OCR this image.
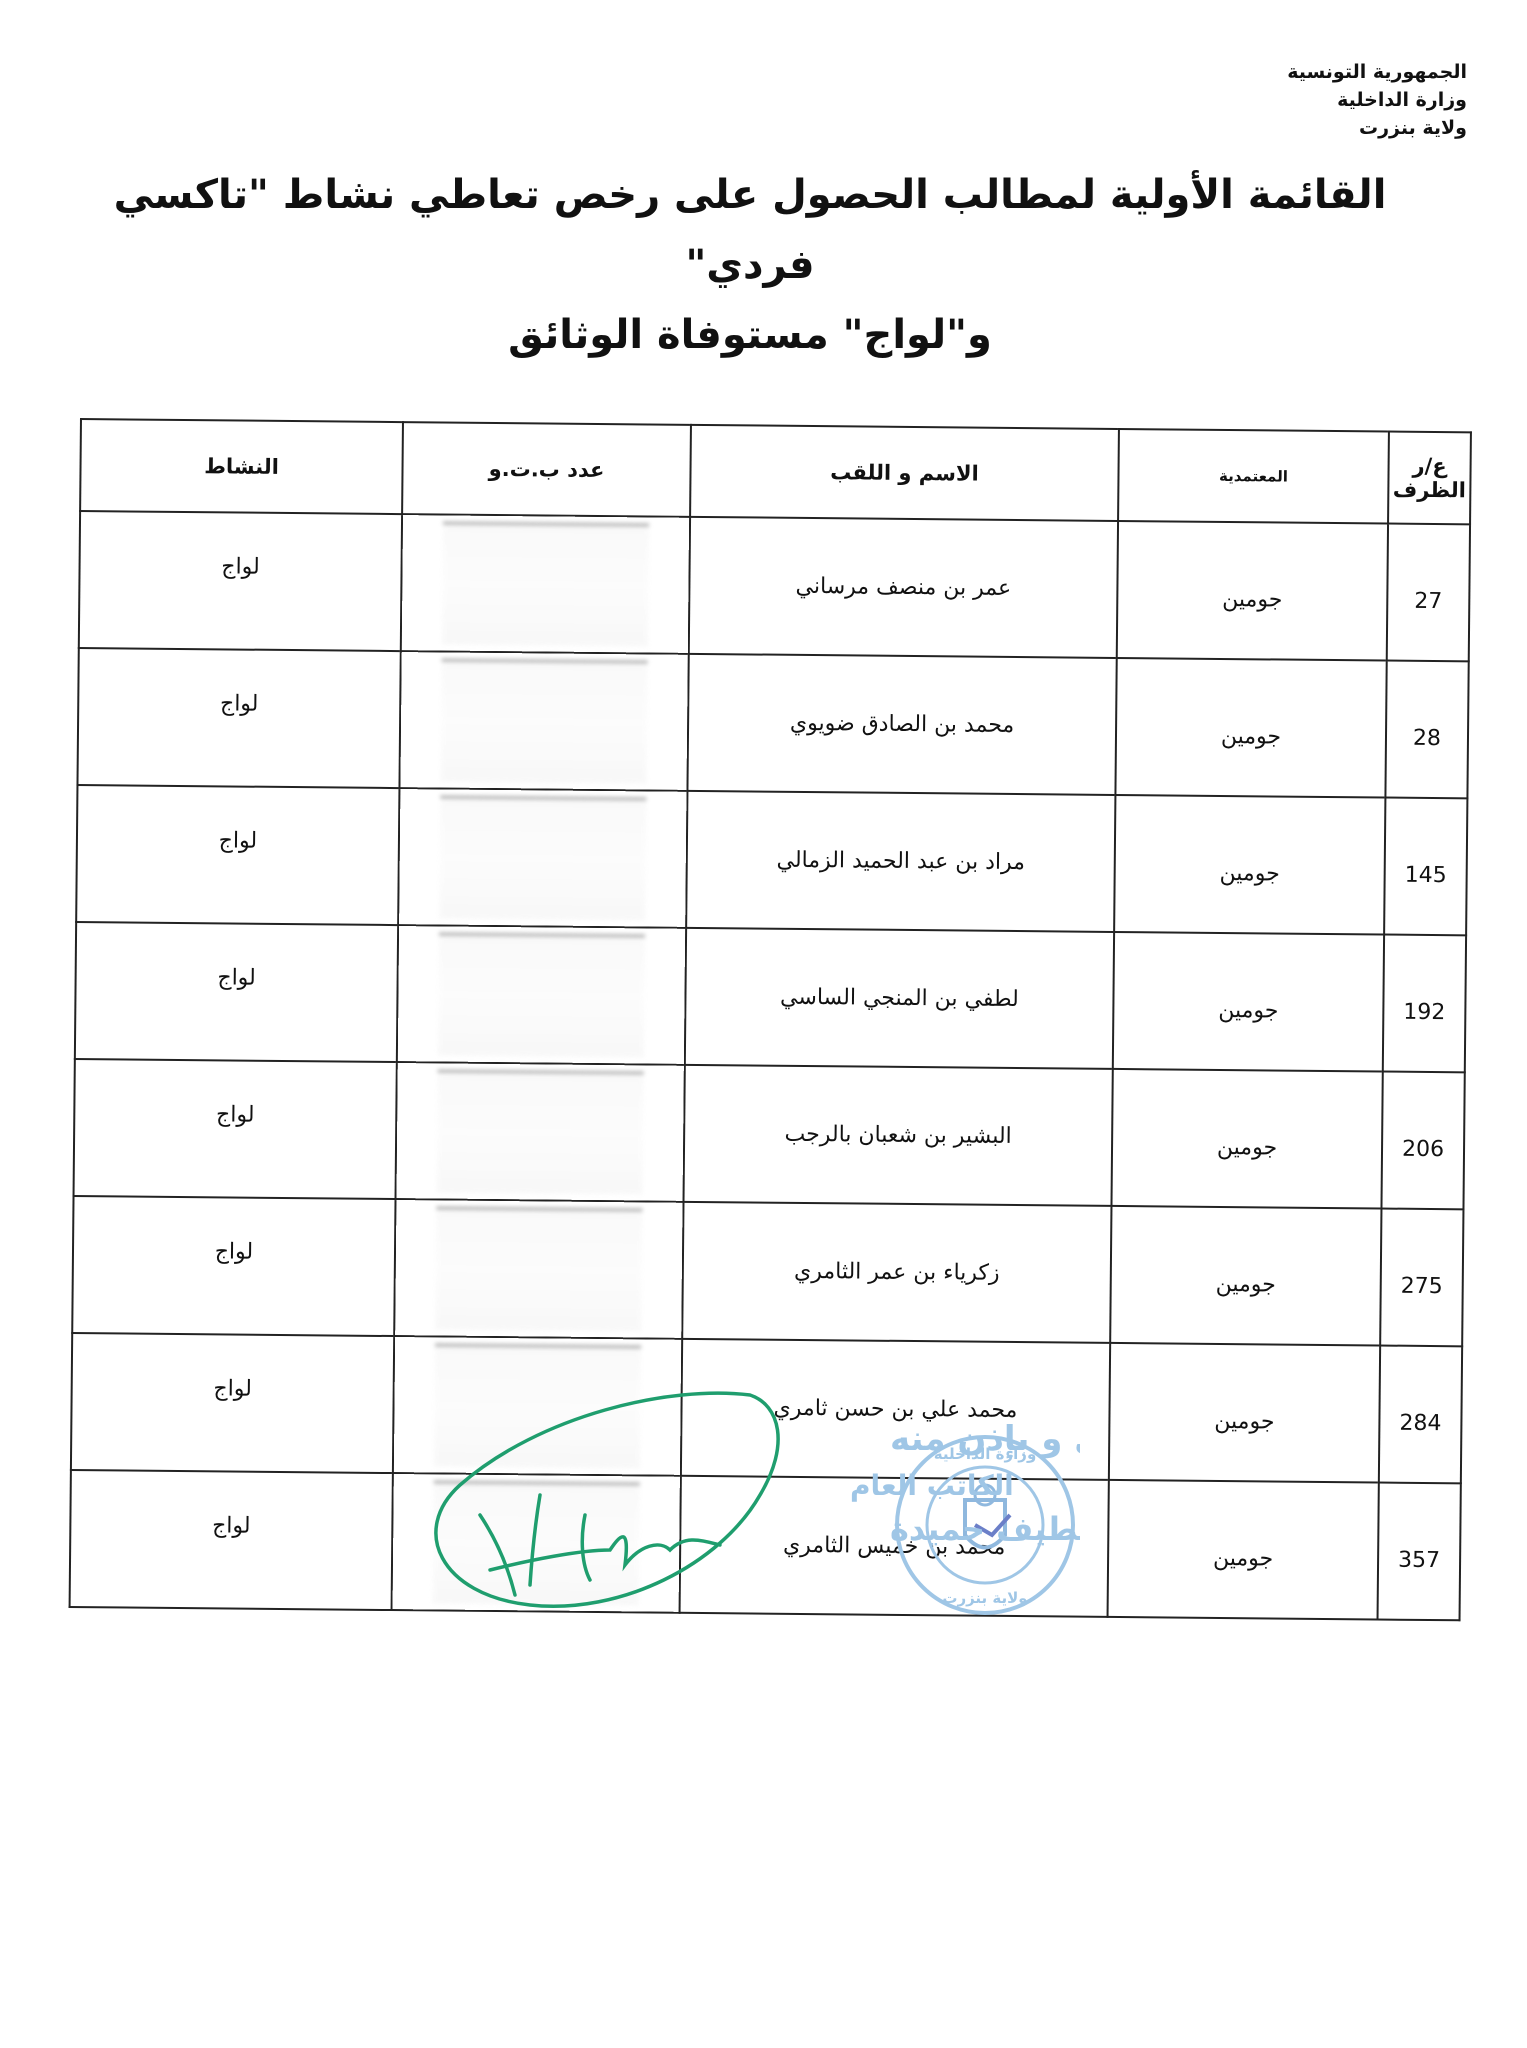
الجمهورية التونسية
وزارة الداخلية
ولاية بنزرت
القائمة الأولية لمطالب الحصول على رخص تعاطي نشاط "تاكسي فردي"
و"لواج" مستوفاة الوثائق
ع/ر الظرف	المعتمدية	الاسم و اللقب	عدد ب.ت.و	النشاط
27	جومين	عمر بن منصف مرساني		لواج
28	جومين	محمد بن الصادق ضويوي		لواج
145	جومين	مراد بن عبد الحميد الزمالي		لواج
192	جومين	لطفي بن المنجي الساسي		لواج
206	جومين	البشير بن شعبان بالرجب		لواج
275	جومين	زكرياء بن عمر الثامري		لواج
284	جومين	محمد علي بن حسن ثامري		لواج
357	جومين	محمد بن خميس الثامري		لواج
وزارة الداخلية
ولاية بنزرت
و بإذن منه
الكاتب العام
طيف حميدة
